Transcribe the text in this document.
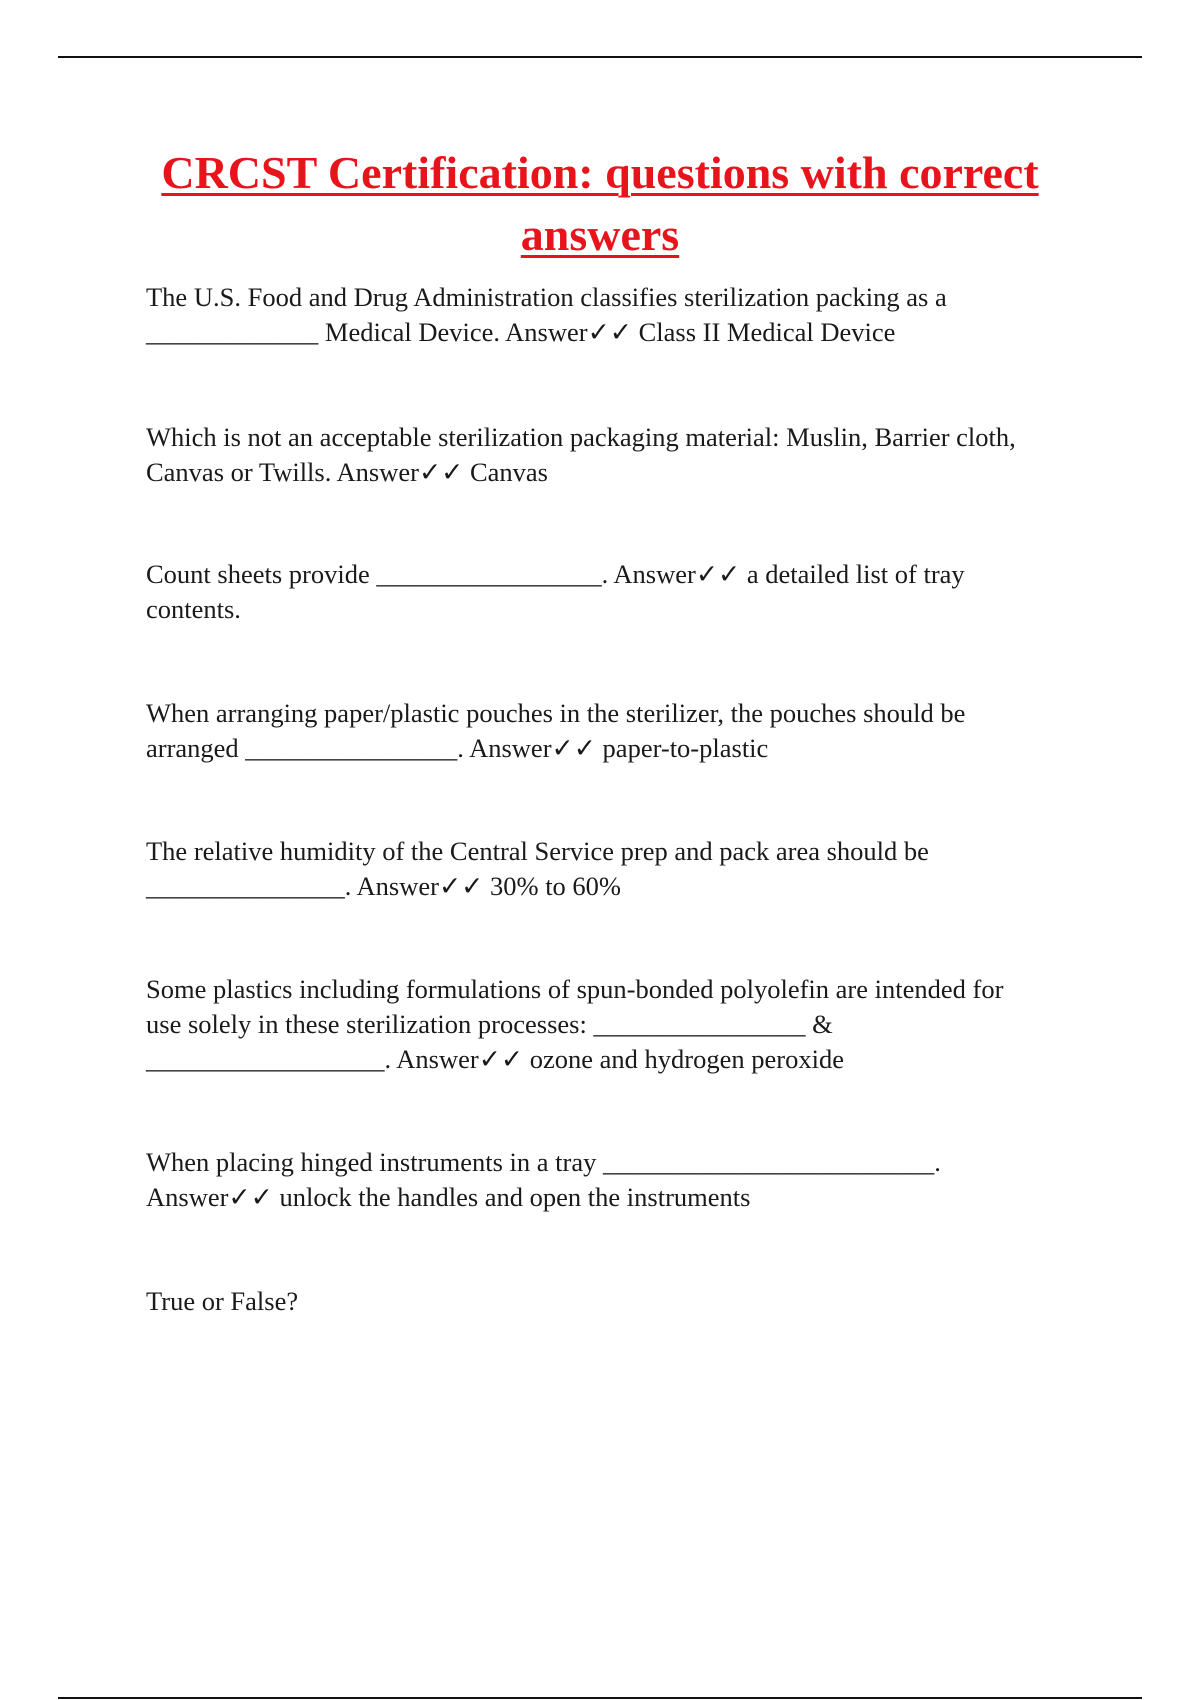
CRCST Certification: questions with correct answers

The U.S. Food and Drug Administration classifies sterilization packing as a
_____________ Medical Device. Answer✓✓ Class II Medical Device

Which is not an acceptable sterilization packaging material: Muslin, Barrier cloth,
Canvas or Twills. Answer✓✓ Canvas

Count sheets provide _________________. Answer✓✓ a detailed list of tray
contents.

When arranging paper/plastic pouches in the sterilizer, the pouches should be
arranged ________________. Answer✓✓ paper-to-plastic

The relative humidity of the Central Service prep and pack area should be
_______________. Answer✓✓ 30% to 60%

Some plastics including formulations of spun-bonded polyolefin are intended for
use solely in these sterilization processes: ________________ &
__________________. Answer✓✓ ozone and hydrogen peroxide

When placing hinged instruments in a tray _________________________.
Answer✓✓ unlock the handles and open the instruments

True or False?
